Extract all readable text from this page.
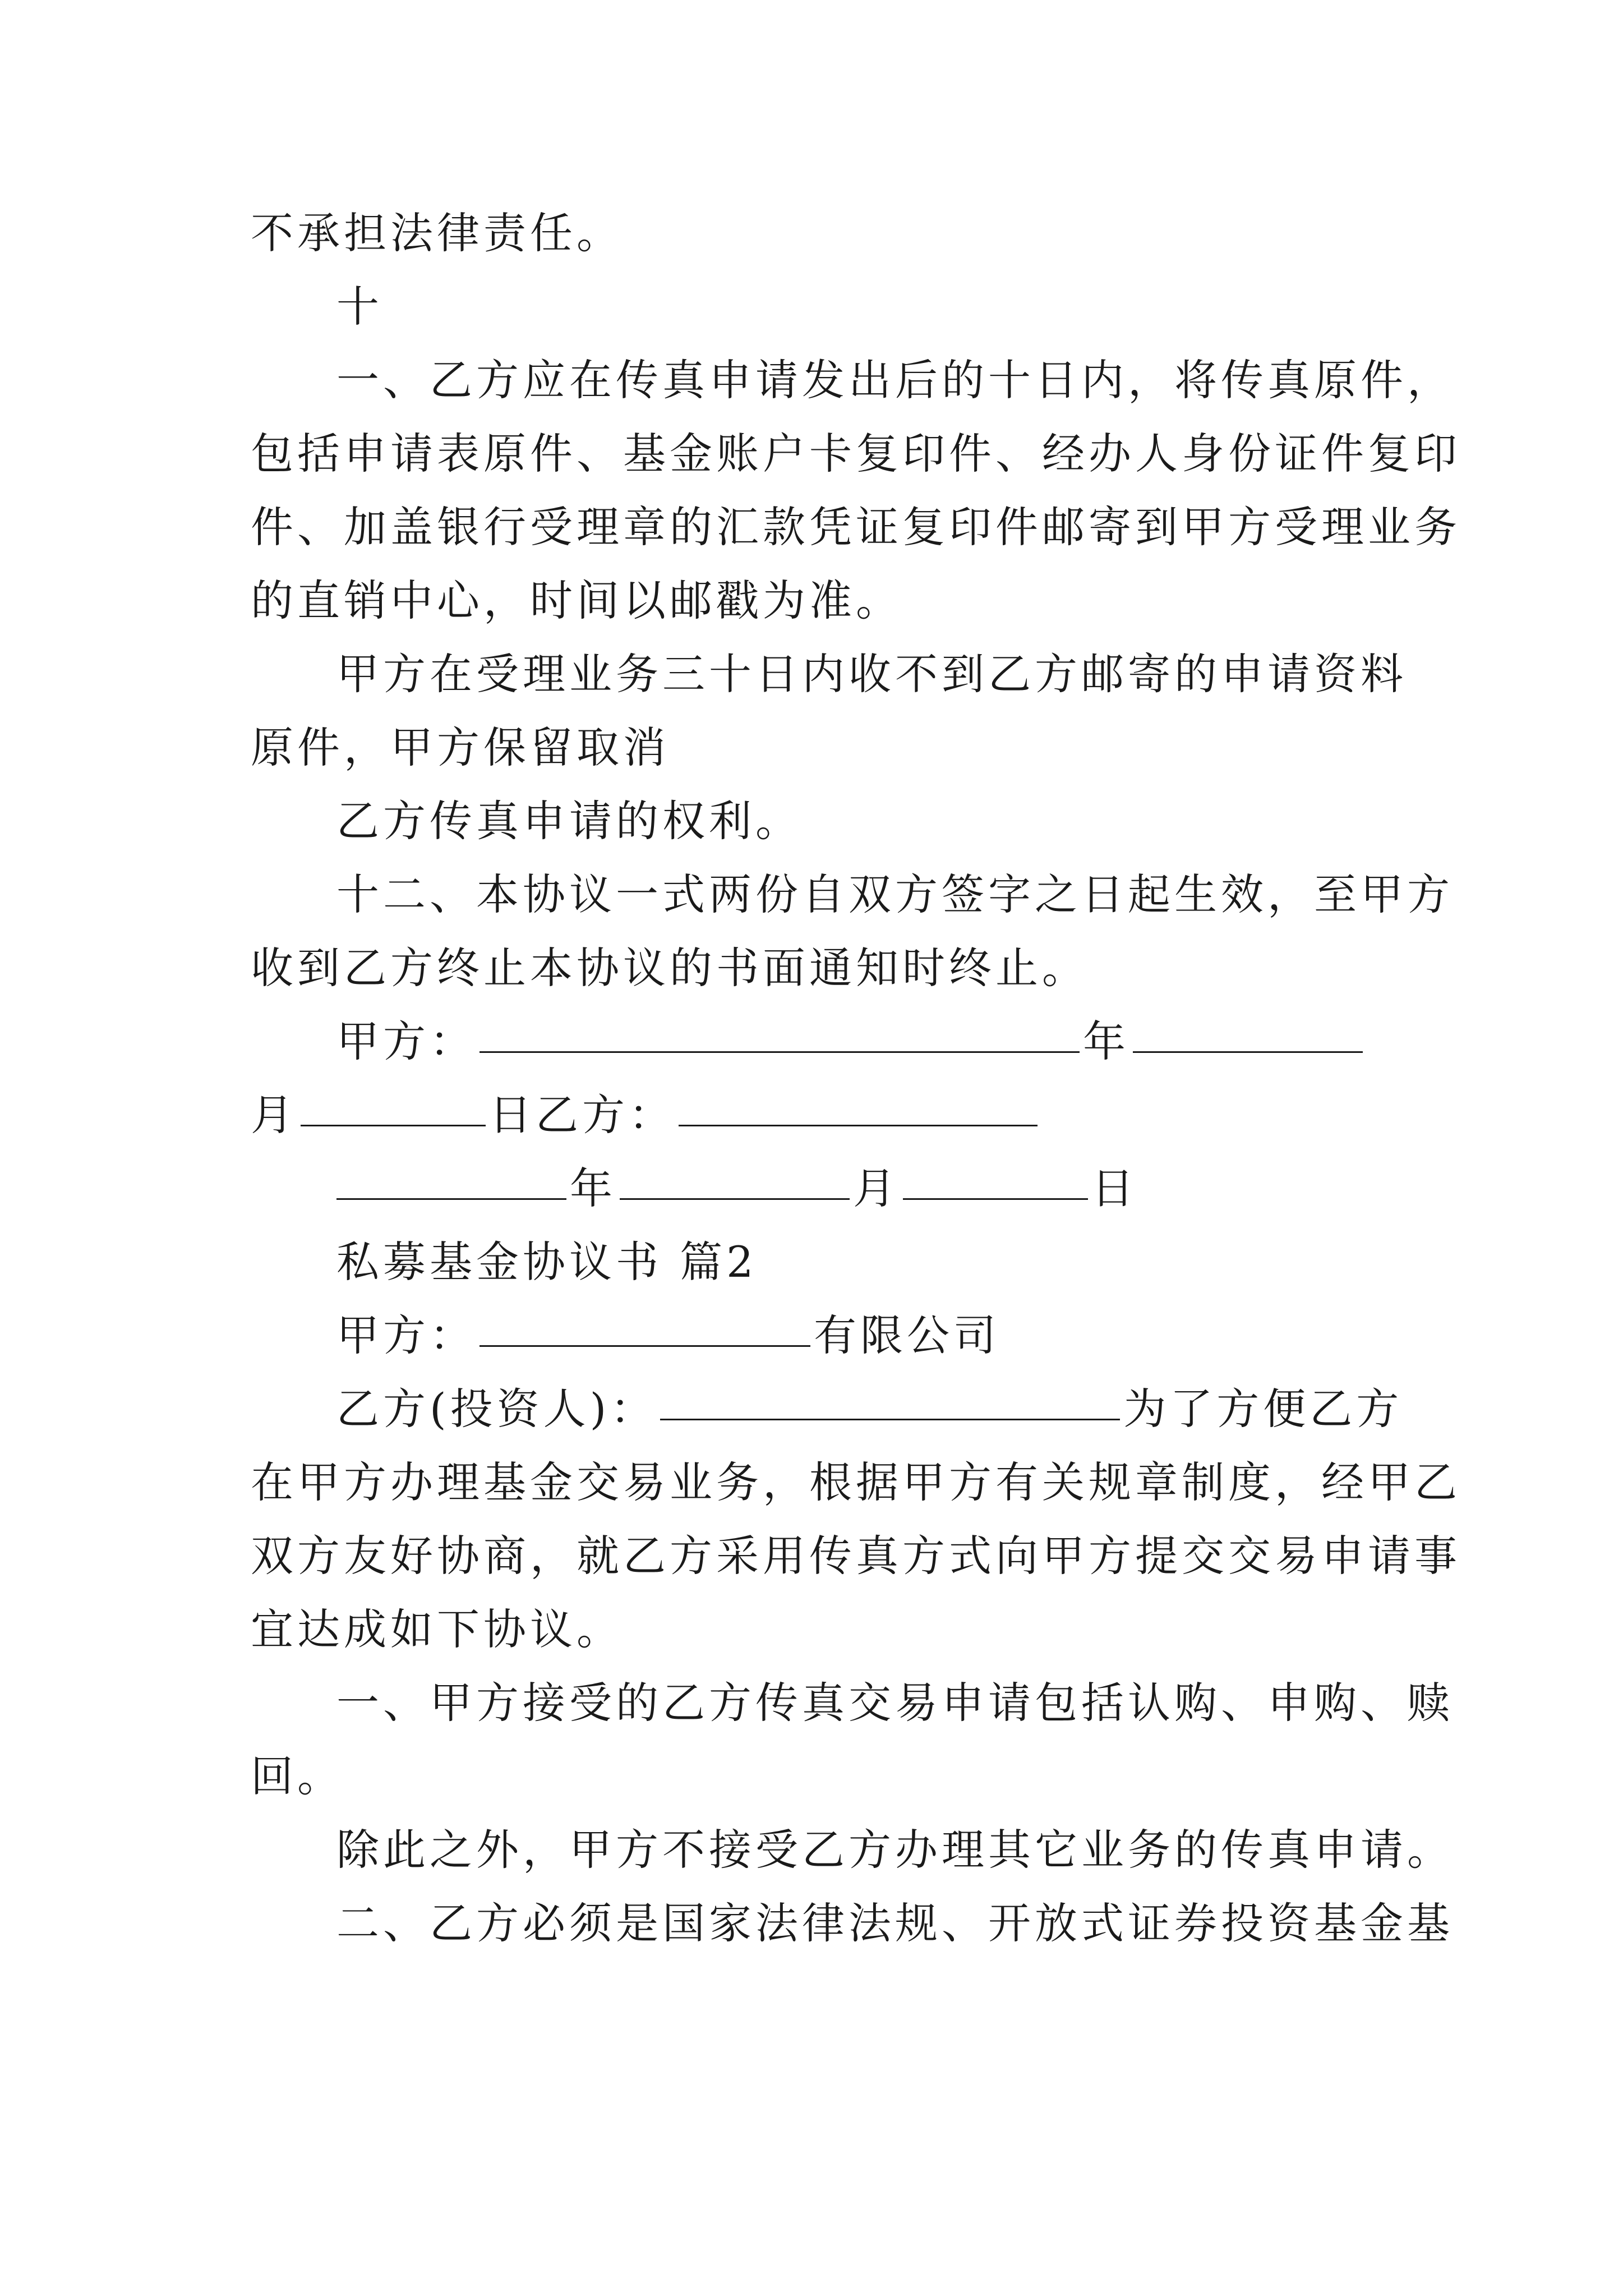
不承担法律责任。
十
一、乙方应在传真申请发出后的十日内，将传真原件，
包括申请表原件、基金账户卡复印件、经办人身份证件复印
件、加盖银行受理章的汇款凭证复印件邮寄到甲方受理业务
的直销中心，时间以邮戳为准。
甲方在受理业务三十日内收不到乙方邮寄的申请资料
原件，甲方保留取消
乙方传真申请的权利。
十二、本协议一式两份自双方签字之日起生效，至甲方
收到乙方终止本协议的书面通知时终止。
甲方：	年
月	日乙方：
年	月	日
私募基金协议书 篇2
甲方：	有限公司
乙方(投资人)：	为了方便乙方
在甲方办理基金交易业务，根据甲方有关规章制度，经甲乙
双方友好协商，就乙方采用传真方式向甲方提交交易申请事
宜达成如下协议。
一、甲方接受的乙方传真交易申请包括认购、申购、赎
回。
除此之外，甲方不接受乙方办理其它业务的传真申请。
二、乙方必须是国家法律法规、开放式证券投资基金基
